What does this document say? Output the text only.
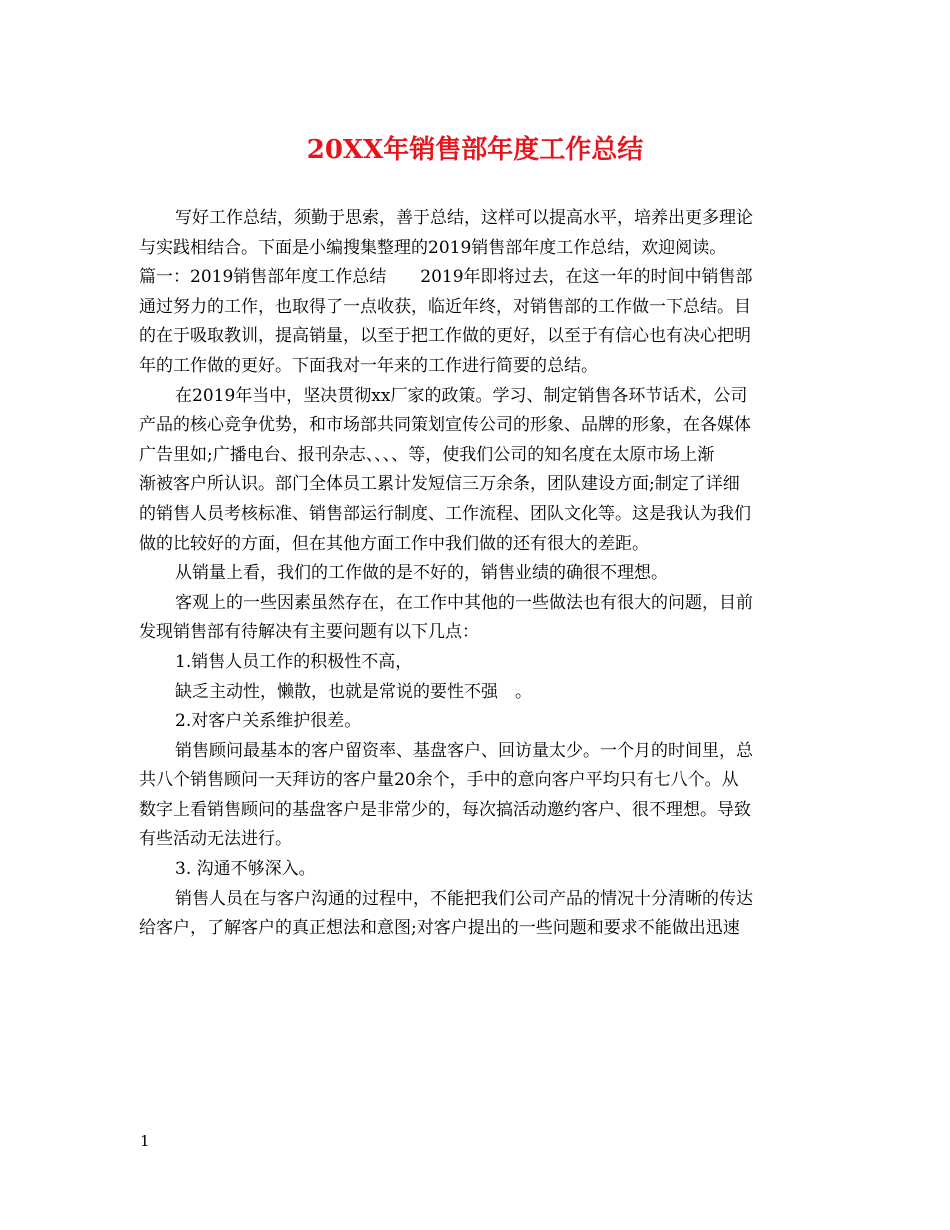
20XX年销售部年度工作总结
写好工作总结，须勤于思索，善于总结，这样可以提高水平，培养出更多理论
与实践相结合。下面是小编搜集整理的2019销售部年度工作总结，欢迎阅读。
篇一：2019销售部年度工作总结　　2019年即将过去，在这一年的时间中销售部
通过努力的工作，也取得了一点收获，临近年终，对销售部的工作做一下总结。目
的在于吸取教训，提高销量，以至于把工作做的更好，以至于有信心也有决心把明
年的工作做的更好。下面我对一年来的工作进行简要的总结。
在2019年当中，坚决贯彻xx厂家的政策。学习、制定销售各环节话术，公司
产品的核心竞争优势，和市场部共同策划宣传公司的形象、品牌的形象，在各媒体
广告里如;广播电台、报刊杂志、、、、等，使我们公司的知名度在太原市场上渐
渐被客户所认识。部门全体员工累计发短信三万余条，团队建设方面;制定了详细
的销售人员考核标准、销售部运行制度、工作流程、团队文化等。这是我认为我们
做的比较好的方面，但在其他方面工作中我们做的还有很大的差距。
从销量上看，我们的工作做的是不好的，销售业绩的确很不理想。
客观上的一些因素虽然存在，在工作中其他的一些做法也有很大的问题，目前
发现销售部有待解决有主要问题有以下几点：
1.销售人员工作的积极性不高，
缺乏主动性，懒散，也就是常说的要性不强　。
2.对客户关系维护很差。
销售顾问最基本的客户留资率、基盘客户、回访量太少。一个月的时间里，总
共八个销售顾问一天拜访的客户量20余个，手中的意向客户平均只有七八个。从
数字上看销售顾问的基盘客户是非常少的，每次搞活动邀约客户、很不理想。导致
有些活动无法进行。
3. 沟通不够深入。
销售人员在与客户沟通的过程中，不能把我们公司产品的情况十分清晰的传达
给客户，了解客户的真正想法和意图;对客户提出的一些问题和要求不能做出迅速
1
